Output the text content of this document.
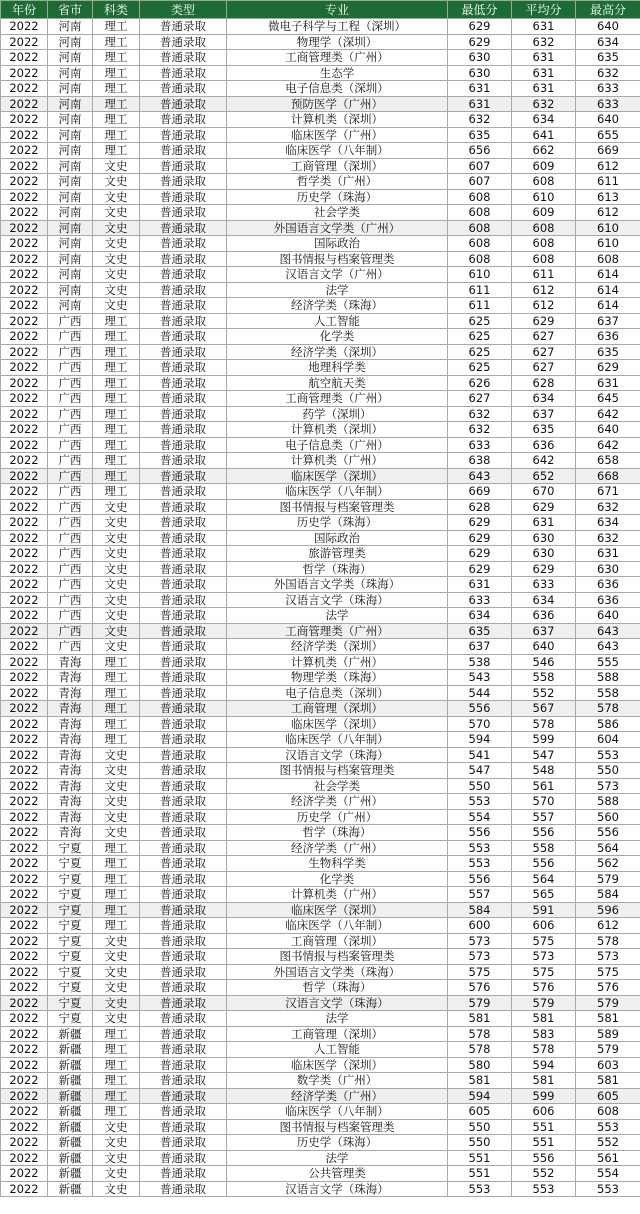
年份	省市	科类	类型	专业	最低分	平均分	最高分
2022	河南	理工	普通录取	微电子科学与工程（深圳）	629	631	640
2022	河南	理工	普通录取	物理学（深圳）	629	632	634
2022	河南	理工	普通录取	工商管理类（广州）	630	631	635
2022	河南	理工	普通录取	生态学	630	631	632
2022	河南	理工	普通录取	电子信息类（深圳）	631	631	633
2022	河南	理工	普通录取	预防医学（广州）	631	632	633
2022	河南	理工	普通录取	计算机类（深圳）	632	634	640
2022	河南	理工	普通录取	临床医学（广州）	635	641	655
2022	河南	理工	普通录取	临床医学（八年制）	656	662	669
2022	河南	文史	普通录取	工商管理（深圳）	607	609	612
2022	河南	文史	普通录取	哲学类（广州）	607	608	611
2022	河南	文史	普通录取	历史学（珠海）	608	610	613
2022	河南	文史	普通录取	社会学类	608	609	612
2022	河南	文史	普通录取	外国语言文学类（广州）	608	608	610
2022	河南	文史	普通录取	国际政治	608	608	610
2022	河南	文史	普通录取	图书情报与档案管理类	608	608	608
2022	河南	文史	普通录取	汉语言文学（广州）	610	611	614
2022	河南	文史	普通录取	法学	611	612	614
2022	河南	文史	普通录取	经济学类（珠海）	611	612	614
2022	广西	理工	普通录取	人工智能	625	629	637
2022	广西	理工	普通录取	化学类	625	627	636
2022	广西	理工	普通录取	经济学类（深圳）	625	627	635
2022	广西	理工	普通录取	地理科学类	625	627	629
2022	广西	理工	普通录取	航空航天类	626	628	631
2022	广西	理工	普通录取	工商管理类（广州）	627	634	645
2022	广西	理工	普通录取	药学（深圳）	632	637	642
2022	广西	理工	普通录取	计算机类（深圳）	632	635	640
2022	广西	理工	普通录取	电子信息类（广州）	633	636	642
2022	广西	理工	普通录取	计算机类（广州）	638	642	658
2022	广西	理工	普通录取	临床医学（深圳）	643	652	668
2022	广西	理工	普通录取	临床医学（八年制）	669	670	671
2022	广西	文史	普通录取	图书情报与档案管理类	628	629	632
2022	广西	文史	普通录取	历史学（珠海）	629	631	634
2022	广西	文史	普通录取	国际政治	629	630	632
2022	广西	文史	普通录取	旅游管理类	629	630	631
2022	广西	文史	普通录取	哲学（珠海）	629	629	630
2022	广西	文史	普通录取	外国语言文学类（珠海）	631	633	636
2022	广西	文史	普通录取	汉语言文学（珠海）	633	634	636
2022	广西	文史	普通录取	法学	634	636	640
2022	广西	文史	普通录取	工商管理类（广州）	635	637	643
2022	广西	文史	普通录取	经济学类（深圳）	637	640	643
2022	青海	理工	普通录取	计算机类（广州）	538	546	555
2022	青海	理工	普通录取	物理学类（珠海）	543	558	588
2022	青海	理工	普通录取	电子信息类（深圳）	544	552	558
2022	青海	理工	普通录取	工商管理（深圳）	556	567	578
2022	青海	理工	普通录取	临床医学（深圳）	570	578	586
2022	青海	理工	普通录取	临床医学（八年制）	594	599	604
2022	青海	文史	普通录取	汉语言文学（珠海）	541	547	553
2022	青海	文史	普通录取	图书情报与档案管理类	547	548	550
2022	青海	文史	普通录取	社会学类	550	561	573
2022	青海	文史	普通录取	经济学类（广州）	553	570	588
2022	青海	文史	普通录取	历史学（广州）	554	557	560
2022	青海	文史	普通录取	哲学（珠海）	556	556	556
2022	宁夏	理工	普通录取	经济学类（广州）	553	558	564
2022	宁夏	理工	普通录取	生物科学类	553	556	562
2022	宁夏	理工	普通录取	化学类	556	564	579
2022	宁夏	理工	普通录取	计算机类（广州）	557	565	584
2022	宁夏	理工	普通录取	临床医学（深圳）	584	591	596
2022	宁夏	理工	普通录取	临床医学（八年制）	600	606	612
2022	宁夏	文史	普通录取	工商管理（深圳）	573	575	578
2022	宁夏	文史	普通录取	图书情报与档案管理类	573	573	573
2022	宁夏	文史	普通录取	外国语言文学类（珠海）	575	575	575
2022	宁夏	文史	普通录取	哲学（珠海）	576	576	576
2022	宁夏	文史	普通录取	汉语言文学（珠海）	579	579	579
2022	宁夏	文史	普通录取	法学	581	581	581
2022	新疆	理工	普通录取	工商管理（深圳）	578	583	589
2022	新疆	理工	普通录取	人工智能	578	578	579
2022	新疆	理工	普通录取	临床医学（深圳）	580	594	603
2022	新疆	理工	普通录取	数学类（广州）	581	581	581
2022	新疆	理工	普通录取	经济学类（广州）	594	599	605
2022	新疆	理工	普通录取	临床医学（八年制）	605	606	608
2022	新疆	文史	普通录取	图书情报与档案管理类	550	551	553
2022	新疆	文史	普通录取	历史学（珠海）	550	551	552
2022	新疆	文史	普通录取	法学	551	556	561
2022	新疆	文史	普通录取	公共管理类	551	552	554
2022	新疆	文史	普通录取	汉语言文学（珠海）	553	553	553
